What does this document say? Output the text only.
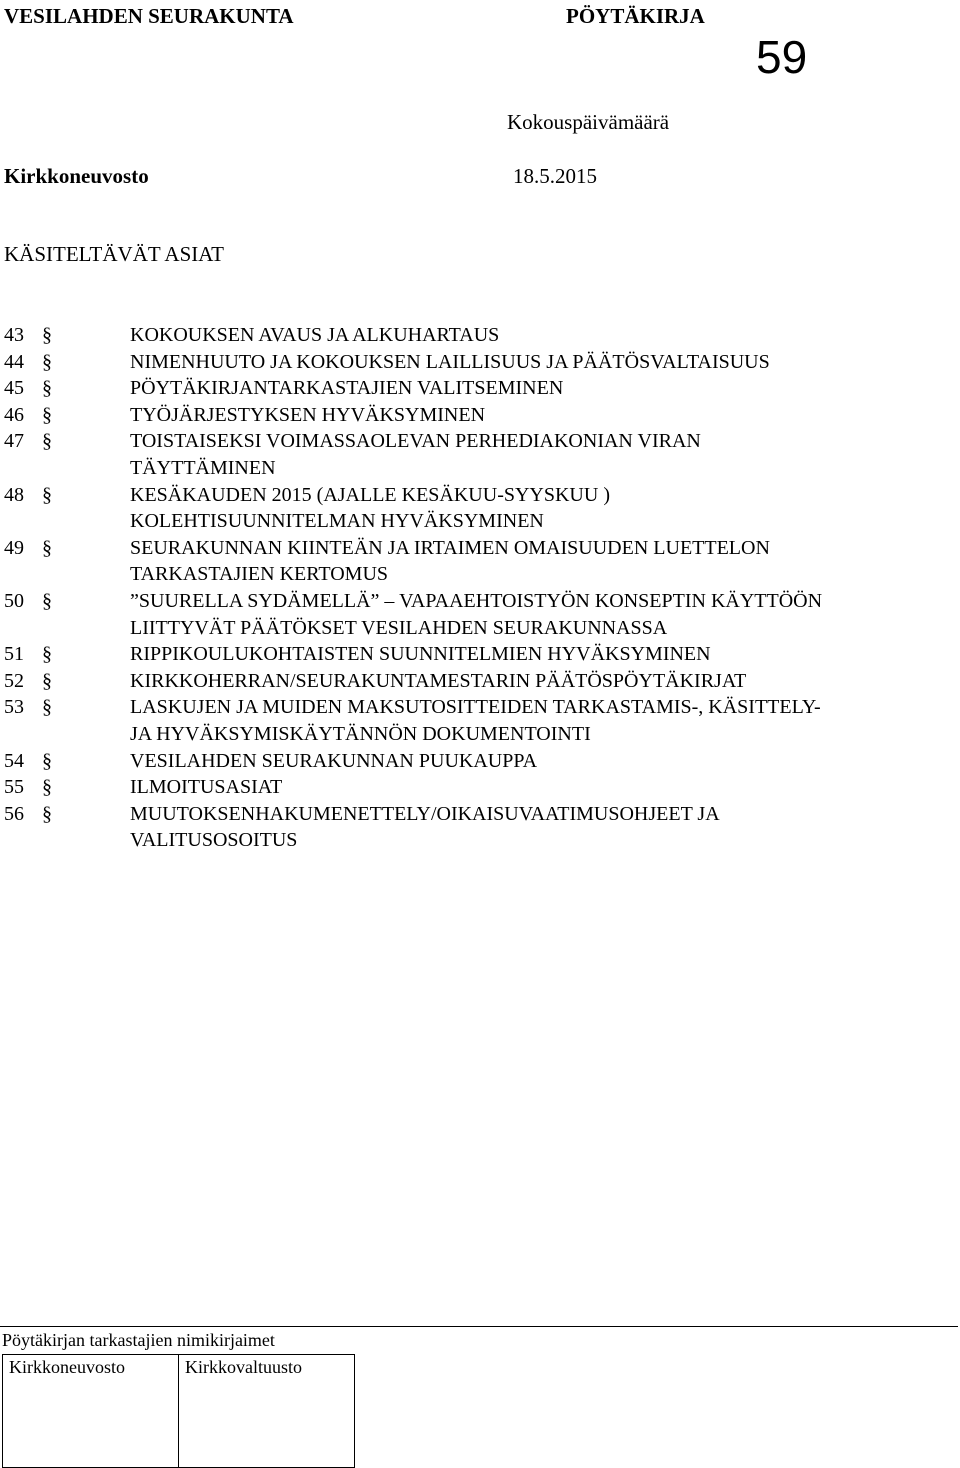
VESILAHDEN SEURAKUNTA	PÖYTÄKIRJA
59
Kokouspäivämäärä
Kirkkoneuvosto	18.5.2015
KÄSITELTÄVÄT ASIAT
43 §	KOKOUKSEN AVAUS JA ALKUHARTAUS
44 §	NIMENHUUTO JA KOKOUKSEN LAILLISUUS JA PÄÄTÖSVALTAISUUS
45 §	PÖYTÄKIRJANTARKASTAJIEN VALITSEMINEN
46 §	TYÖJÄRJESTYKSEN HYVÄKSYMINEN
47 §	TOISTAISEKSI VOIMASSAOLEVAN PERHEDIAKONIAN VIRAN
TÄYTTÄMINEN
48 §	KESÄKAUDEN 2015 (AJALLE KESÄKUU-SYYSKUU )
KOLEHTISUUNNITELMAN HYVÄKSYMINEN
49 §	SEURAKUNNAN KIINTEÄN JA IRTAIMEN OMAISUUDEN LUETTELON
TARKASTAJIEN KERTOMUS
50 §	”SUURELLA SYDÄMELLÄ” – VAPAAEHTOISTYÖN KONSEPTIN KÄYTTÖÖN
LIITTYVÄT PÄÄTÖKSET VESILAHDEN SEURAKUNNASSA
51 §	RIPPIKOULUKOHTAISTEN SUUNNITELMIEN HYVÄKSYMINEN
52 §	KIRKKOHERRAN/SEURAKUNTAMESTARIN PÄÄTÖSPÖYTÄKIRJAT
53 §	LASKUJEN JA MUIDEN MAKSUTOSITTEIDEN TARKASTAMIS-, KÄSITTELY-
JA HYVÄKSYMISKÄYTÄNNÖN DOKUMENTOINTI
54 §	VESILAHDEN SEURAKUNNAN PUUKAUPPA
55 §	ILMOITUSASIAT
56 §	MUUTOKSENHAKUMENETTELY/OIKAISUVAATIMUSOHJEET JA
VALITUSOSOITUS
Pöytäkirjan tarkastajien nimikirjaimet
Kirkkoneuvosto	Kirkkovaltuusto
